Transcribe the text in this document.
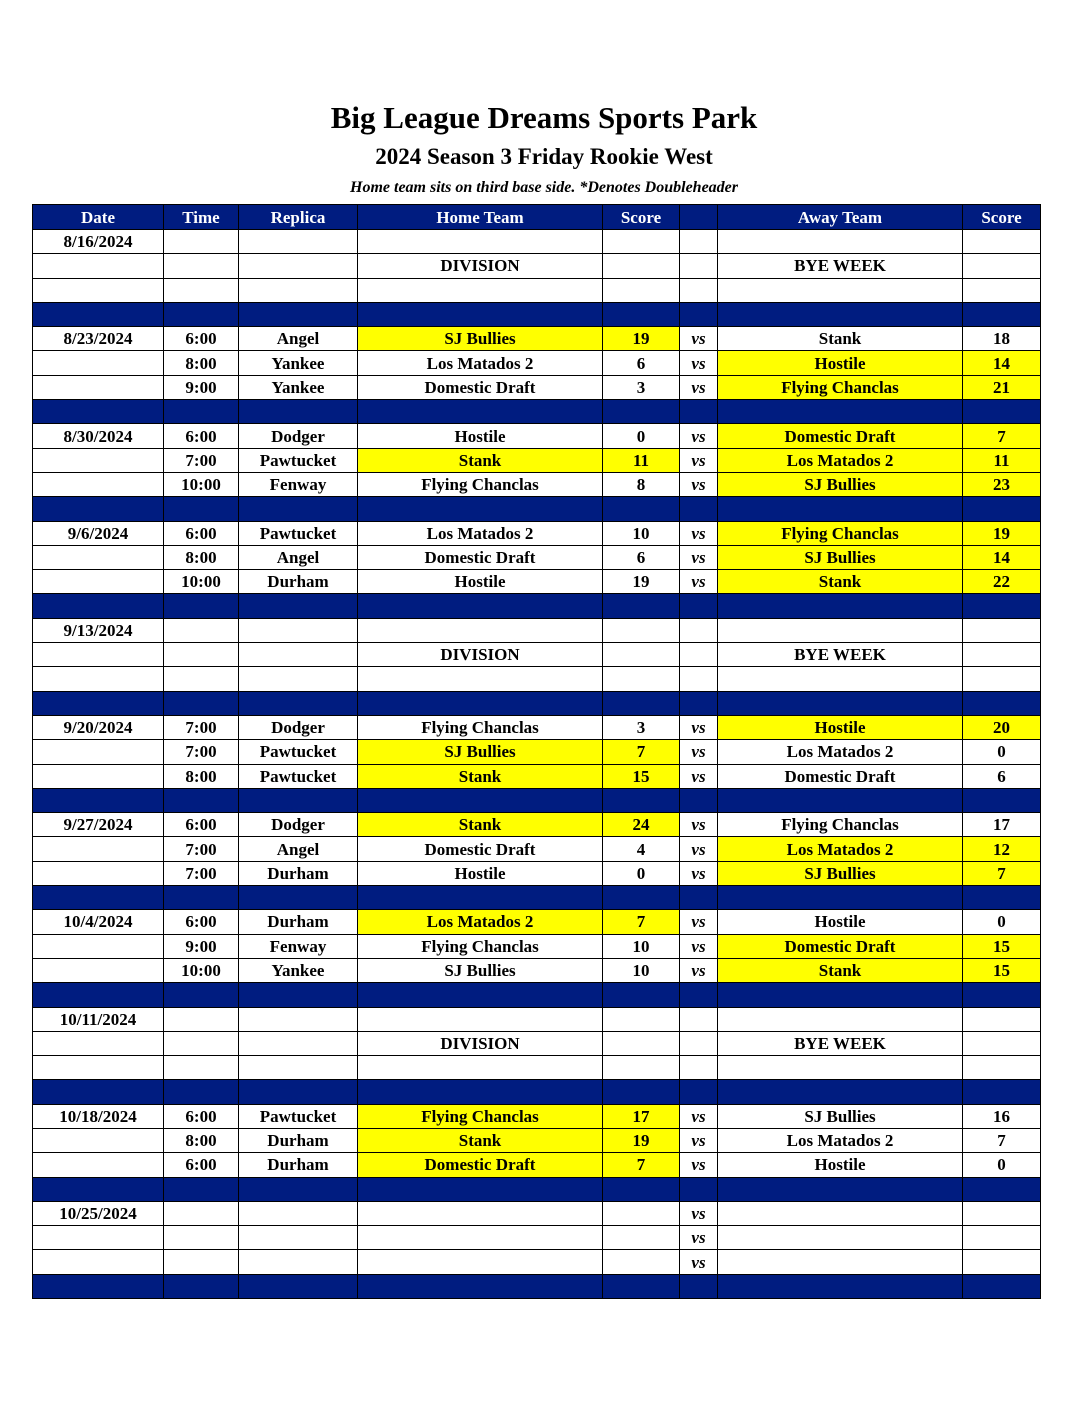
Big League Dreams Sports Park
2024 Season 3 Friday Rookie West

Home team sits on third base side. *Denotes Doubleheader

Date	Time	Replica	Home Team	Score		Away Team	Score
8/16/2024							
			DIVISION			BYE WEEK	

8/23/2024	6:00	Angel	SJ Bullies	19	vs	Stank	18
	8:00	Yankee	Los Matados 2	6	vs	Hostile	14
	9:00	Yankee	Domestic Draft	3	vs	Flying Chanclas	21

8/30/2024	6:00	Dodger	Hostile	0	vs	Domestic Draft	7
	7:00	Pawtucket	Stank	11	vs	Los Matados 2	11
	10:00	Fenway	Flying Chanclas	8	vs	SJ Bullies	23

9/6/2024	6:00	Pawtucket	Los Matados 2	10	vs	Flying Chanclas	19
	8:00	Angel	Domestic Draft	6	vs	SJ Bullies	14
	10:00	Durham	Hostile	19	vs	Stank	22

9/13/2024							
			DIVISION			BYE WEEK	

9/20/2024	7:00	Dodger	Flying Chanclas	3	vs	Hostile	20
	7:00	Pawtucket	SJ Bullies	7	vs	Los Matados 2	0
	8:00	Pawtucket	Stank	15	vs	Domestic Draft	6

9/27/2024	6:00	Dodger	Stank	24	vs	Flying Chanclas	17
	7:00	Angel	Domestic Draft	4	vs	Los Matados 2	12
	7:00	Durham	Hostile	0	vs	SJ Bullies	7

10/4/2024	6:00	Durham	Los Matados 2	7	vs	Hostile	0
	9:00	Fenway	Flying Chanclas	10	vs	Domestic Draft	15
	10:00	Yankee	SJ Bullies	10	vs	Stank	15

10/11/2024							
			DIVISION			BYE WEEK	

10/18/2024	6:00	Pawtucket	Flying Chanclas	17	vs	SJ Bullies	16
	8:00	Durham	Stank	19	vs	Los Matados 2	7
	6:00	Durham	Domestic Draft	7	vs	Hostile	0

10/25/2024					vs		
					vs		
					vs		
